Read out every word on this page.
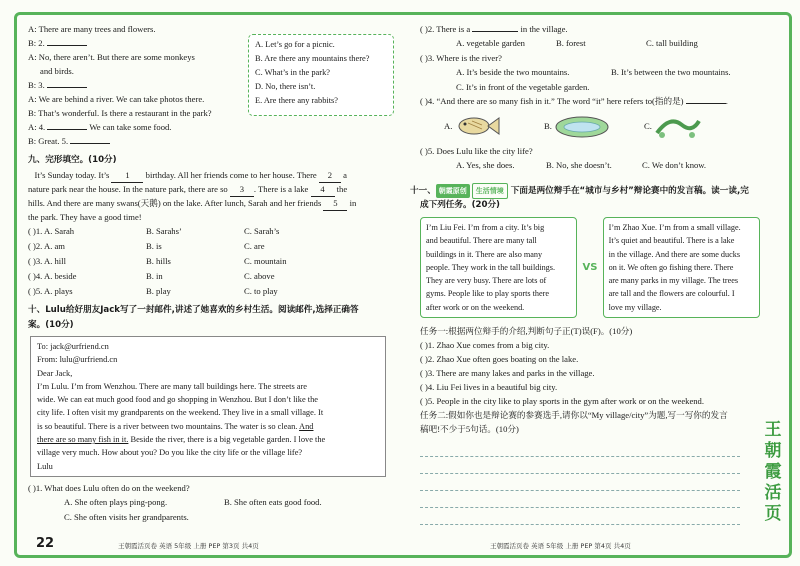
A: There are many trees and flowers.
B: 2.
A: No, there aren’t. But there are some monkeys
and birds.
B: 3.
A: We are behind a river. We can take photos there.
B: That’s wonderful. Is there a restaurant in the park?
A: 4.	We can take some food.
B: Great. 5.
九、完形填空。(10分)
It’s Sunday today. It’s 1 birthday. All her friends come to her house. There 2 a
nature park near the house. In the nature park, there are so 3 . There is a lake 4 the
hills. And there are many swans(天鹅) on the lake. After lunch, Sarah and her friends 5 in
the park. They have a good time!
( )1. A. Sarah	B. Sarahs’	C. Sarah’s
( )2. A. am	B. is	C. are
( )3. A. hill	B. hills	C. mountain
( )4. A. beside	B. in	C. above
( )5. A. plays	B. play	C. to play
十、Lulu给好朋友Jack写了一封邮件,讲述了她喜欢的乡村生活。阅读邮件,选择正确答
案。(10分)
To: jack@urfriend.cn
From: lulu@urfriend.cn
Dear Jack,
I’m Lulu. I’m from Wenzhou. There are many tall buildings here. The streets are
wide. We can eat much good food and go shopping in Wenzhou. But I don’t like the
city life. I often visit my grandparents on the weekend. They live in a small village. It
is so beautiful. There is a river between two mountains. The water is so clean. And
there are so many fish in it. Beside the river, there is a big vegetable garden. I love the
village very much. How about you? Do you like the city life or the village life?
Lulu
( )1. What does Lulu often do on the weekend?
A. She often plays ping-pong.	B. She often eats good food.
C. She often visits her grandparents.
A. Let’s go for a picnic.
B. Are there any mountains there?
C. What’s in the park?
D. No, there isn’t.
E. Are there any rabbits?
( )2. There is a	in the village.
A. vegetable garden	B. forest	C. tall building
( )3. Where is the river?
A. It’s beside the two mountains.	B. It’s between the two mountains.
C. It’s in front of the vegetable garden.
( )4. “And there are so many fish in it.” The word “it” here refers to(指的是)	.
A.	B.	C.
( )5. Does Lulu like the city life?
A. Yes, she does.	B. No, she doesn’t.	C. We don’t know.
十一、 朝霞原创 生活情境 下面是两位辩手在“城市与乡村”辩论赛中的发言稿。读一读,完
成下列任务。(20分)
I’m Liu Fei. I’m from a city. It’s big
and beautiful. There are many tall
buildings in it. There are also many
people. They work in the tall buildings.
They are very busy. There are lots of
gyms. People like to play sports there
after work or on the weekend.
VS
I’m Zhao Xue. I’m from a small village.
It’s quiet and beautiful. There is a lake
in the village. And there are some ducks
on it. We often go fishing there. There
are many parks in my village. The trees
are tall and the flowers are colourful. I
love my village.
任务一:根据两位辩手的介绍,判断句子正(T)误(F)。(10分)
( )1. Zhao Xue comes from a big city.
( )2. Zhao Xue often goes boating on the lake.
( )3. There are many lakes and parks in the village.
( )4. Liu Fei lives in a beautiful big city.
( )5. People in the city like to play sports in the gym after work or on the weekend.
任务二:假如你也是辩论赛的参赛选手,请你以“My village/city”为题,写一写你的发言
稿吧!不少于5句话。(10分)
22	王朝霞活页卷 英语 5年级 上册 PEP 第3页 共4页	王朝霞活页卷 英语 5年级 上册 PEP 第4页 共4页
王
朝
霞
活
页
